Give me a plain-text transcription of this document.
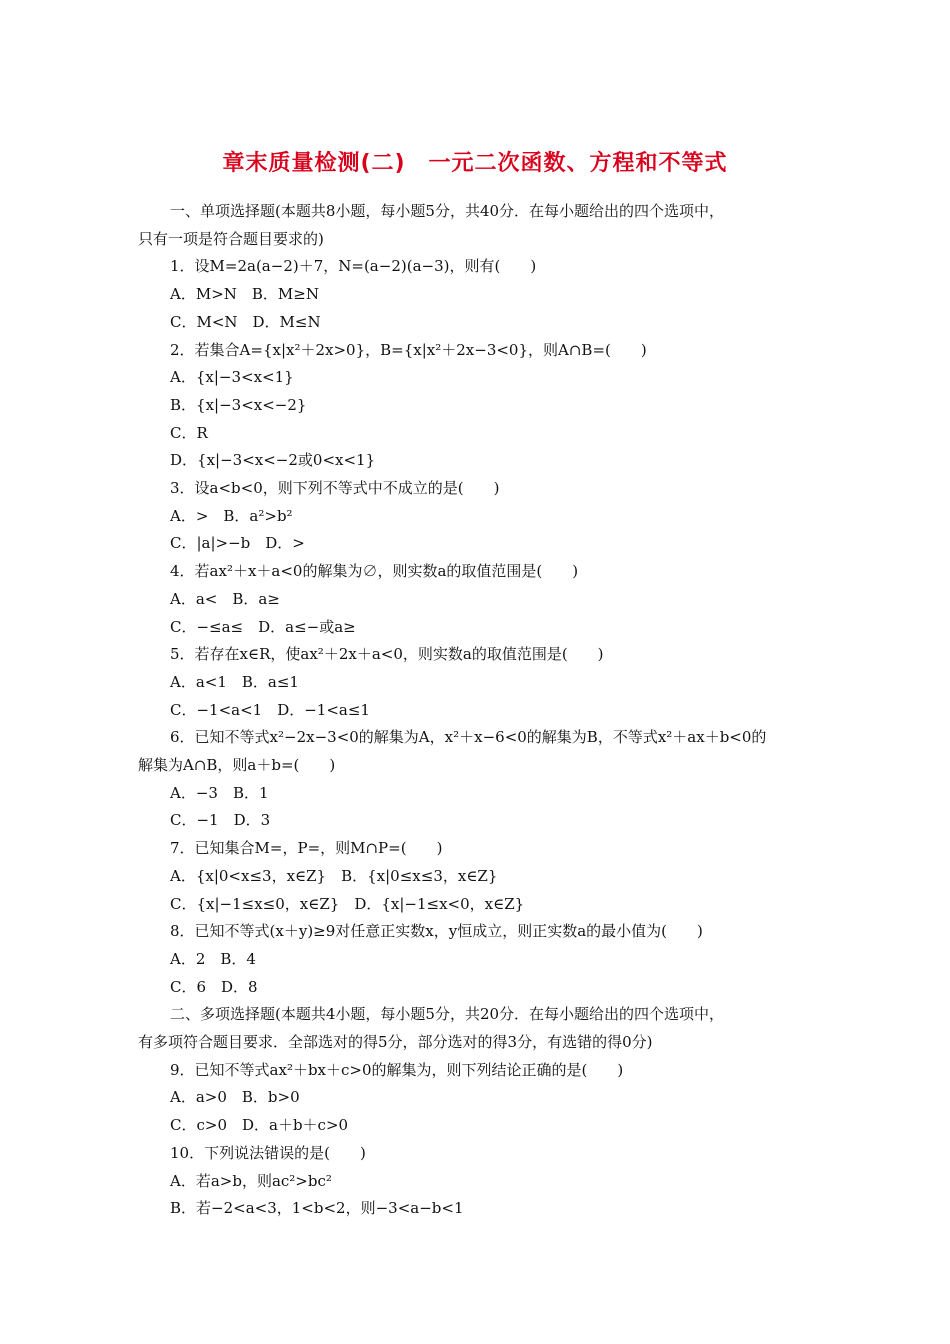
章末质量检测(二)　一元二次函数、方程和不等式
一、单项选择题(本题共8小题，每小题5分，共40分．在每小题给出的四个选项中，
只有一项是符合题目要求的)
1．设M=2a(a−2)＋7，N=(a−2)(a−3)，则有(　　)
A．M>N　B．M≥N
C．M<N　D．M≤N
2．若集合A={x|x²＋2x>0}，B={x|x²＋2x−3<0}，则A∩B=(　　)
A．{x|−3<x<1}
B．{x|−3<x<−2}
C．R
D．{x|−3<x<−2或0<x<1}
3．设a<b<0，则下列不等式中不成立的是(　　)
A．>　B．a²>b²
C．|a|>−b　D．>
4．若ax²＋x＋a<0的解集为∅，则实数a的取值范围是(　　)
A．a<　B．a≥
C．−≤a≤　D．a≤−或a≥
5．若存在x∈R，使ax²＋2x＋a<0，则实数a的取值范围是(　　)
A．a<1　B．a≤1
C．−1<a<1　D．−1<a≤1
6．已知不等式x²−2x−3<0的解集为A，x²＋x−6<0的解集为B，不等式x²＋ax＋b<0的
解集为A∩B，则a＋b=(　　)
A．−3　B．1
C．−1　D．3
7．已知集合M=，P=，则M∩P=(　　)
A．{x|0<x≤3，x∈Z}　B．{x|0≤x≤3，x∈Z}
C．{x|−1≤x≤0，x∈Z}　D．{x|−1≤x<0，x∈Z}
8．已知不等式(x＋y)≥9对任意正实数x，y恒成立，则正实数a的最小值为(　　)
A．2　B．4
C．6　D．8
二、多项选择题(本题共4小题，每小题5分，共20分．在每小题给出的四个选项中，
有多项符合题目要求．全部选对的得5分，部分选对的得3分，有选错的得0分)
9．已知不等式ax²＋bx＋c>0的解集为，则下列结论正确的是(　　)
A．a>0　B．b>0
C．c>0　D．a＋b＋c>0
10．下列说法错误的是(　　)
A．若a>b，则ac²>bc²
B．若−2<a<3，1<b<2，则−3<a−b<1
